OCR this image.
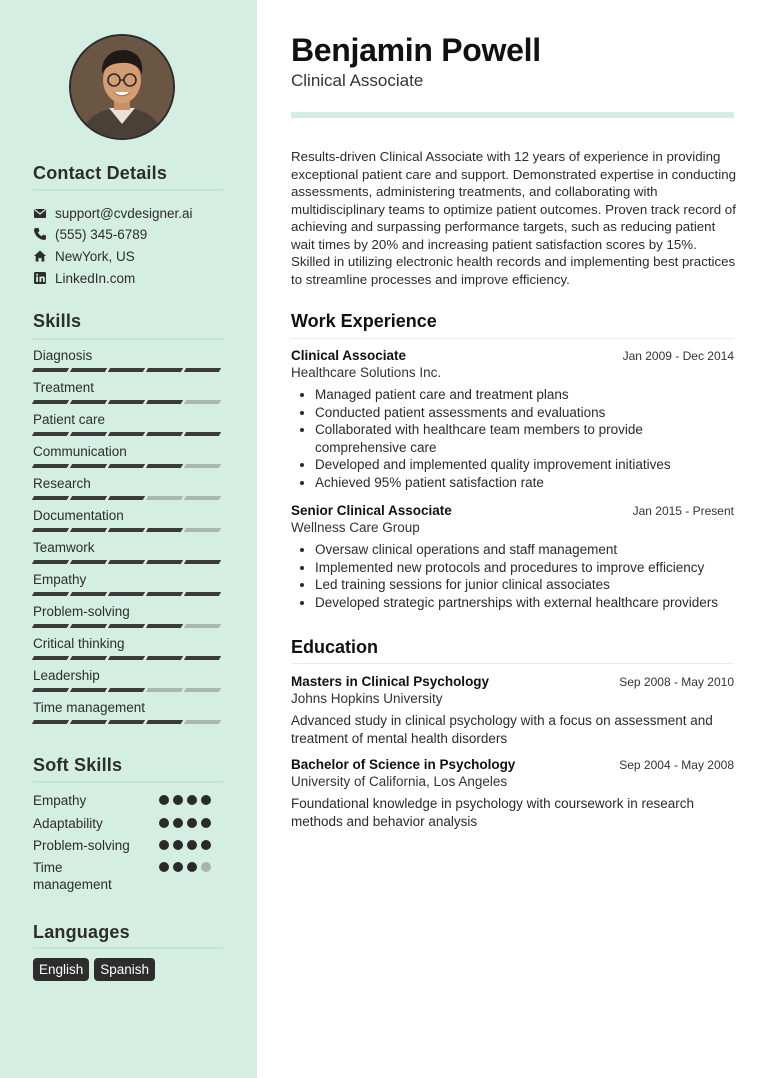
Contact Details
support@cvdesigner.ai
(555) 345-6789
NewYork, US
LinkedIn.com
Skills
Diagnosis
Treatment
Patient care
Communication
Research
Documentation
Teamwork
Empathy
Problem-solving
Critical thinking
Leadership
Time management
Soft Skills
Empathy
Adaptability
Problem-solving
Time management
Languages
English	Spanish
Benjamin Powell
Clinical Associate
Results-driven Clinical Associate with 12 years of experience in providing exceptional patient care and support. Demonstrated expertise in conducting assessments, administering treatments, and collaborating with multidisciplinary teams to optimize patient outcomes. Proven track record of achieving and surpassing performance targets, such as reducing patient wait times by 20% and increasing patient satisfaction scores by 15%. Skilled in utilizing electronic health records and implementing best practices to streamline processes and improve efficiency.
Work Experience
Clinical Associate	Jan 2009 - Dec 2014
Healthcare Solutions Inc.
• Managed patient care and treatment plans
• Conducted patient assessments and evaluations
• Collaborated with healthcare team members to provide comprehensive care
• Developed and implemented quality improvement initiatives
• Achieved 95% patient satisfaction rate
Senior Clinical Associate	Jan 2015 - Present
Wellness Care Group
• Oversaw clinical operations and staff management
• Implemented new protocols and procedures to improve efficiency
• Led training sessions for junior clinical associates
• Developed strategic partnerships with external healthcare providers
Education
Masters in Clinical Psychology	Sep 2008 - May 2010
Johns Hopkins University
Advanced study in clinical psychology with a focus on assessment and treatment of mental health disorders
Bachelor of Science in Psychology	Sep 2004 - May 2008
University of California, Los Angeles
Foundational knowledge in psychology with coursework in research methods and behavior analysis
